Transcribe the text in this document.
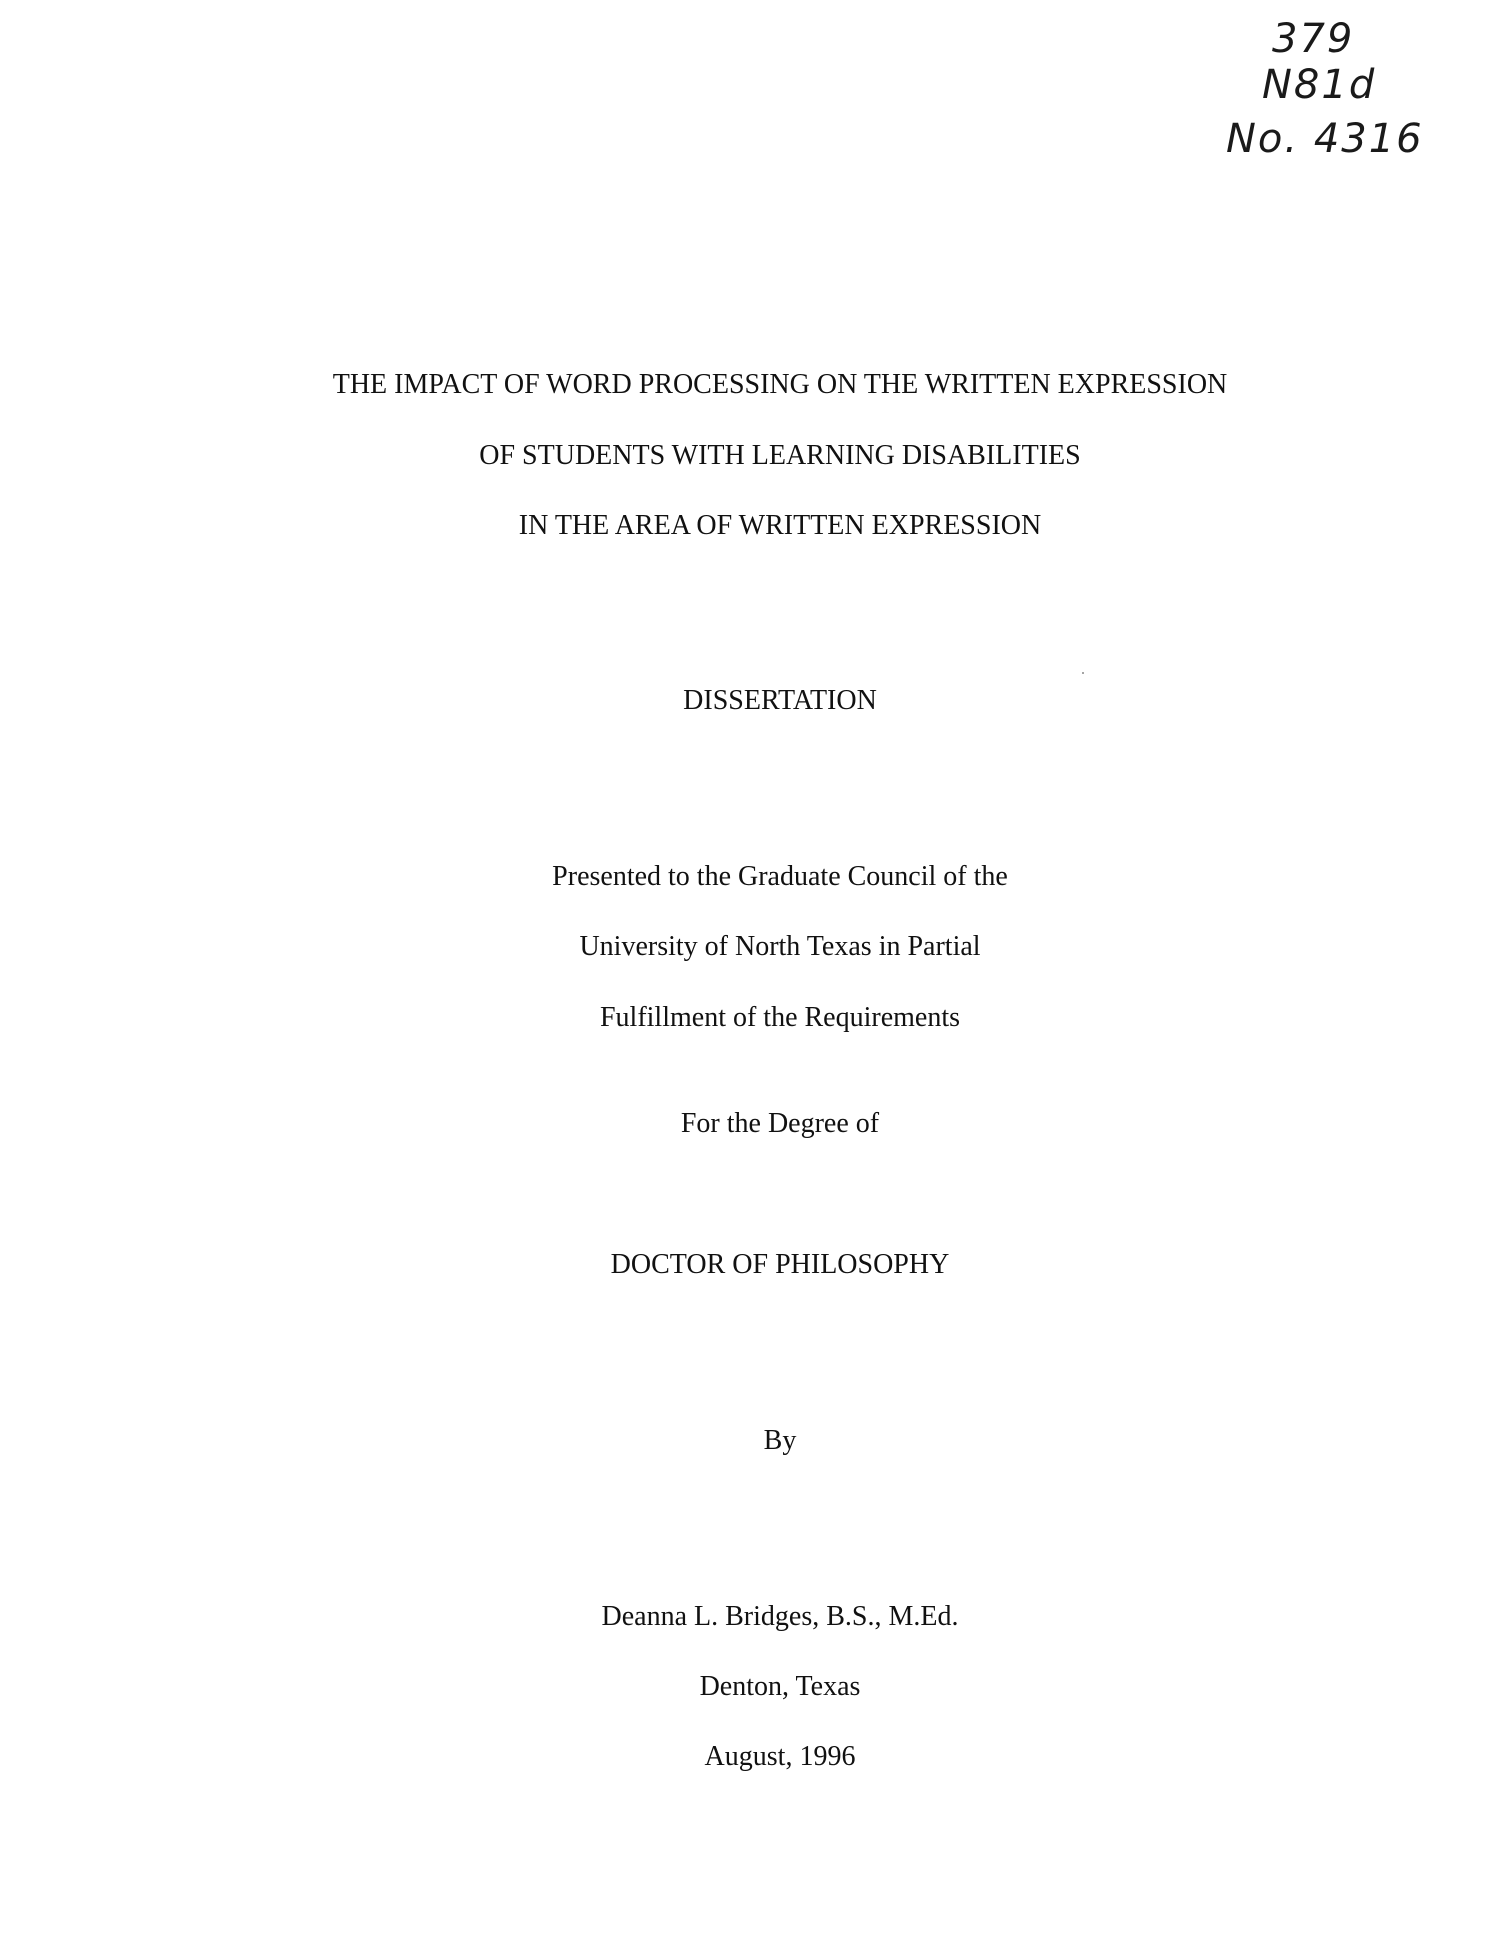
379
N81d
No. 4316
THE IMPACT OF WORD PROCESSING ON THE WRITTEN EXPRESSION
OF STUDENTS WITH LEARNING DISABILITIES
IN THE AREA OF WRITTEN EXPRESSION
DISSERTATION
Presented to the Graduate Council of the
University of North Texas in Partial
Fulfillment of the Requirements
For the Degree of
DOCTOR OF PHILOSOPHY
By
Deanna L. Bridges, B.S., M.Ed.
Denton, Texas
August, 1996
